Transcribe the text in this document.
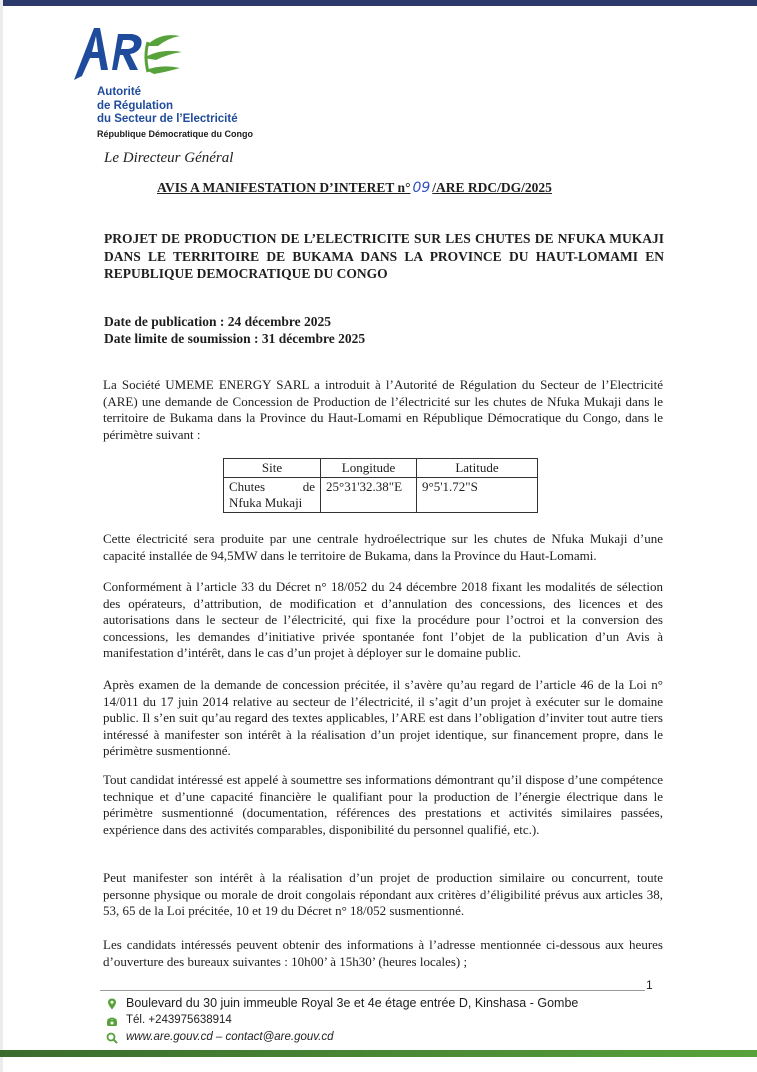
Autorité
de Régulation
du Secteur de l’Electricité
République Démocratique du Congo
Le Directeur Général
AVIS A MANIFESTATION D’INTERET n° 09 /ARE RDC/DG/2025
PROJET DE PRODUCTION DE L’ELECTRICITE SUR LES CHUTES DE NFUKA MUKAJI DANS LE TERRITOIRE DE BUKAMA DANS LA PROVINCE DU HAUT-LOMAMI EN REPUBLIQUE DEMOCRATIQUE DU CONGO
Date de publication : 24 décembre 2025
Date limite de soumission : 31 décembre 2025
La Société UMEME ENERGY SARL a introduit à l’Autorité de Régulation du Secteur de l’Electricité (ARE) une demande de Concession de Production de l’électricité sur les chutes de Nfuka Mukaji dans le territoire de Bukama dans la Province du Haut-Lomami en République Démocratique du Congo, dans le périmètre suivant :
Site	Longitude	Latitude
Chutes de Nfuka Mukaji	25°31'32.38"E	9°5'1.72"S
Cette électricité sera produite par une centrale hydroélectrique sur les chutes de Nfuka Mukaji d’une capacité installée de 94,5MW dans le territoire de Bukama, dans la Province du Haut-Lomami.
Conformément à l’article 33 du Décret n° 18/052 du 24 décembre 2018 fixant les modalités de sélection des opérateurs, d’attribution, de modification et d’annulation des concessions, des licences et des autorisations dans le secteur de l’électricité, qui fixe la procédure pour l’octroi et la conversion des concessions, les demandes d’initiative privée spontanée font l’objet de la publication d’un Avis à manifestation d’intérêt, dans le cas d’un projet à déployer sur le domaine public.
Après examen de la demande de concession précitée, il s’avère qu’au regard de l’article 46 de la Loi n° 14/011 du 17 juin 2014 relative au secteur de l’électricité, il s’agit d’un projet à exécuter sur le domaine public. Il s’en suit qu’au regard des textes applicables, l’ARE est dans l’obligation d’inviter tout autre tiers intéressé à manifester son intérêt à la réalisation d’un projet identique, sur financement propre, dans le périmètre susmentionné.
Tout candidat intéressé est appelé à soumettre ses informations démontrant qu’il dispose d’une compétence technique et d’une capacité financière le qualifiant pour la production de l’énergie électrique dans le périmètre susmentionné (documentation, références des prestations et activités similaires passées, expérience dans des activités comparables, disponibilité du personnel qualifié, etc.).
Peut manifester son intérêt à la réalisation d’un projet de production similaire ou concurrent, toute personne physique ou morale de droit congolais répondant aux critères d’éligibilité prévus aux articles 38, 53, 65 de la Loi précitée, 10 et 19 du Décret n° 18/052 susmentionné.
Les candidats intéressés peuvent obtenir des informations à l’adresse mentionnée ci-dessous aux heures d’ouverture des bureaux suivantes : 10h00’ à 15h30’ (heures locales) ;
1
Boulevard du 30 juin immeuble Royal 3e et 4e étage entrée D, Kinshasa - Gombe
Tél. +243975638914
www.are.gouv.cd – contact@are.gouv.cd
